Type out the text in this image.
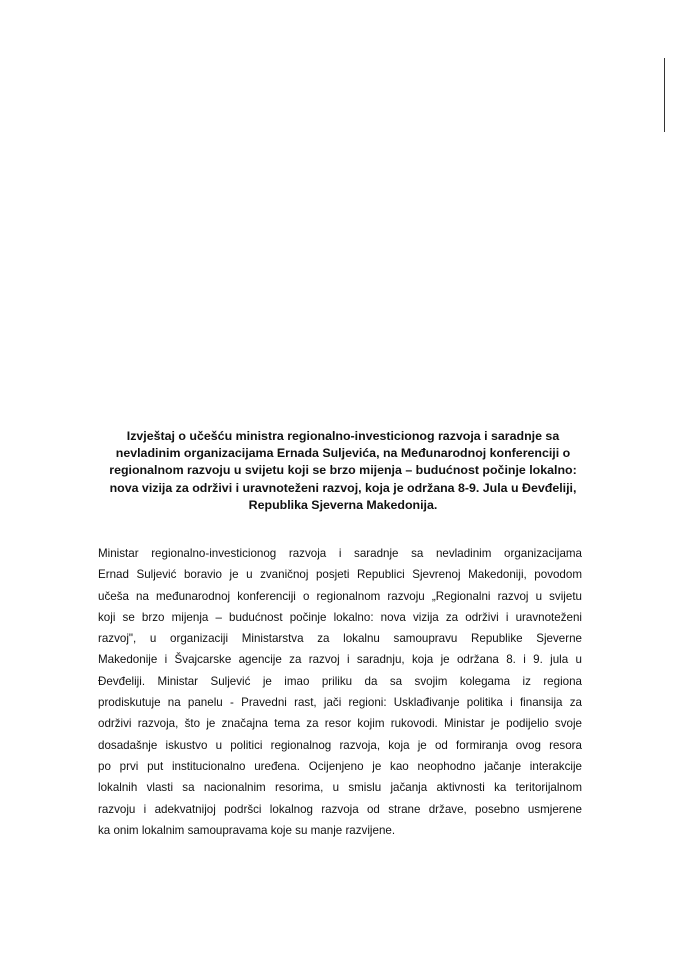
Izvještaj o učešću ministra regionalno-investicionog razvoja i saradnje sa
nevladinim organizacijama Ernada Suljevića, na Međunarodnoj konferenciji o
regionalnom razvoju u svijetu koji se brzo mijenja – budućnost počinje lokalno:
nova vizija za održivi i uravnoteženi razvoj, koja je održana 8-9. Jula u Đevđeliji,
Republika Sjeverna Makedonija.
Ministar regionalno-investicionog razvoja i saradnje sa nevladinim organizacijama
Ernad Suljević boravio je u zvaničnoj posjeti Republici Sjevrenoj Makedoniji, povodom
učeša na međunarodnoj konferenciji o regionalnom razvoju „Regionalni razvoj u svijetu
koji se brzo mijenja – budućnost počinje lokalno: nova vizija za održivi i uravnoteženi
razvoj", u organizaciji Ministarstva za lokalnu samoupravu Republike Sjeverne
Makedonije i Švajcarske agencije za razvoj i saradnju, koja je održana 8. i 9. jula u
Đevđeliji. Ministar Suljević je imao priliku da sa svojim kolegama iz regiona
prodiskutuje na panelu - Pravedni rast, jači regioni: Usklađivanje politika i finansija za
održivi razvoja, što je značajna tema za resor kojim rukovodi. Ministar je podijelio svoje
dosadašnje iskustvo u politici regionalnog razvoja, koja je od formiranja ovog resora
po prvi put institucionalno uređena. Ocijenjeno je kao neophodno jačanje interakcije
lokalnih vlasti sa nacionalnim resorima, u smislu jačanja aktivnosti ka teritorijalnom
razvoju i adekvatnijoj podršci lokalnog razvoja od strane države, posebno usmjerene
ka onim lokalnim samoupravama koje su manje razvijene.
